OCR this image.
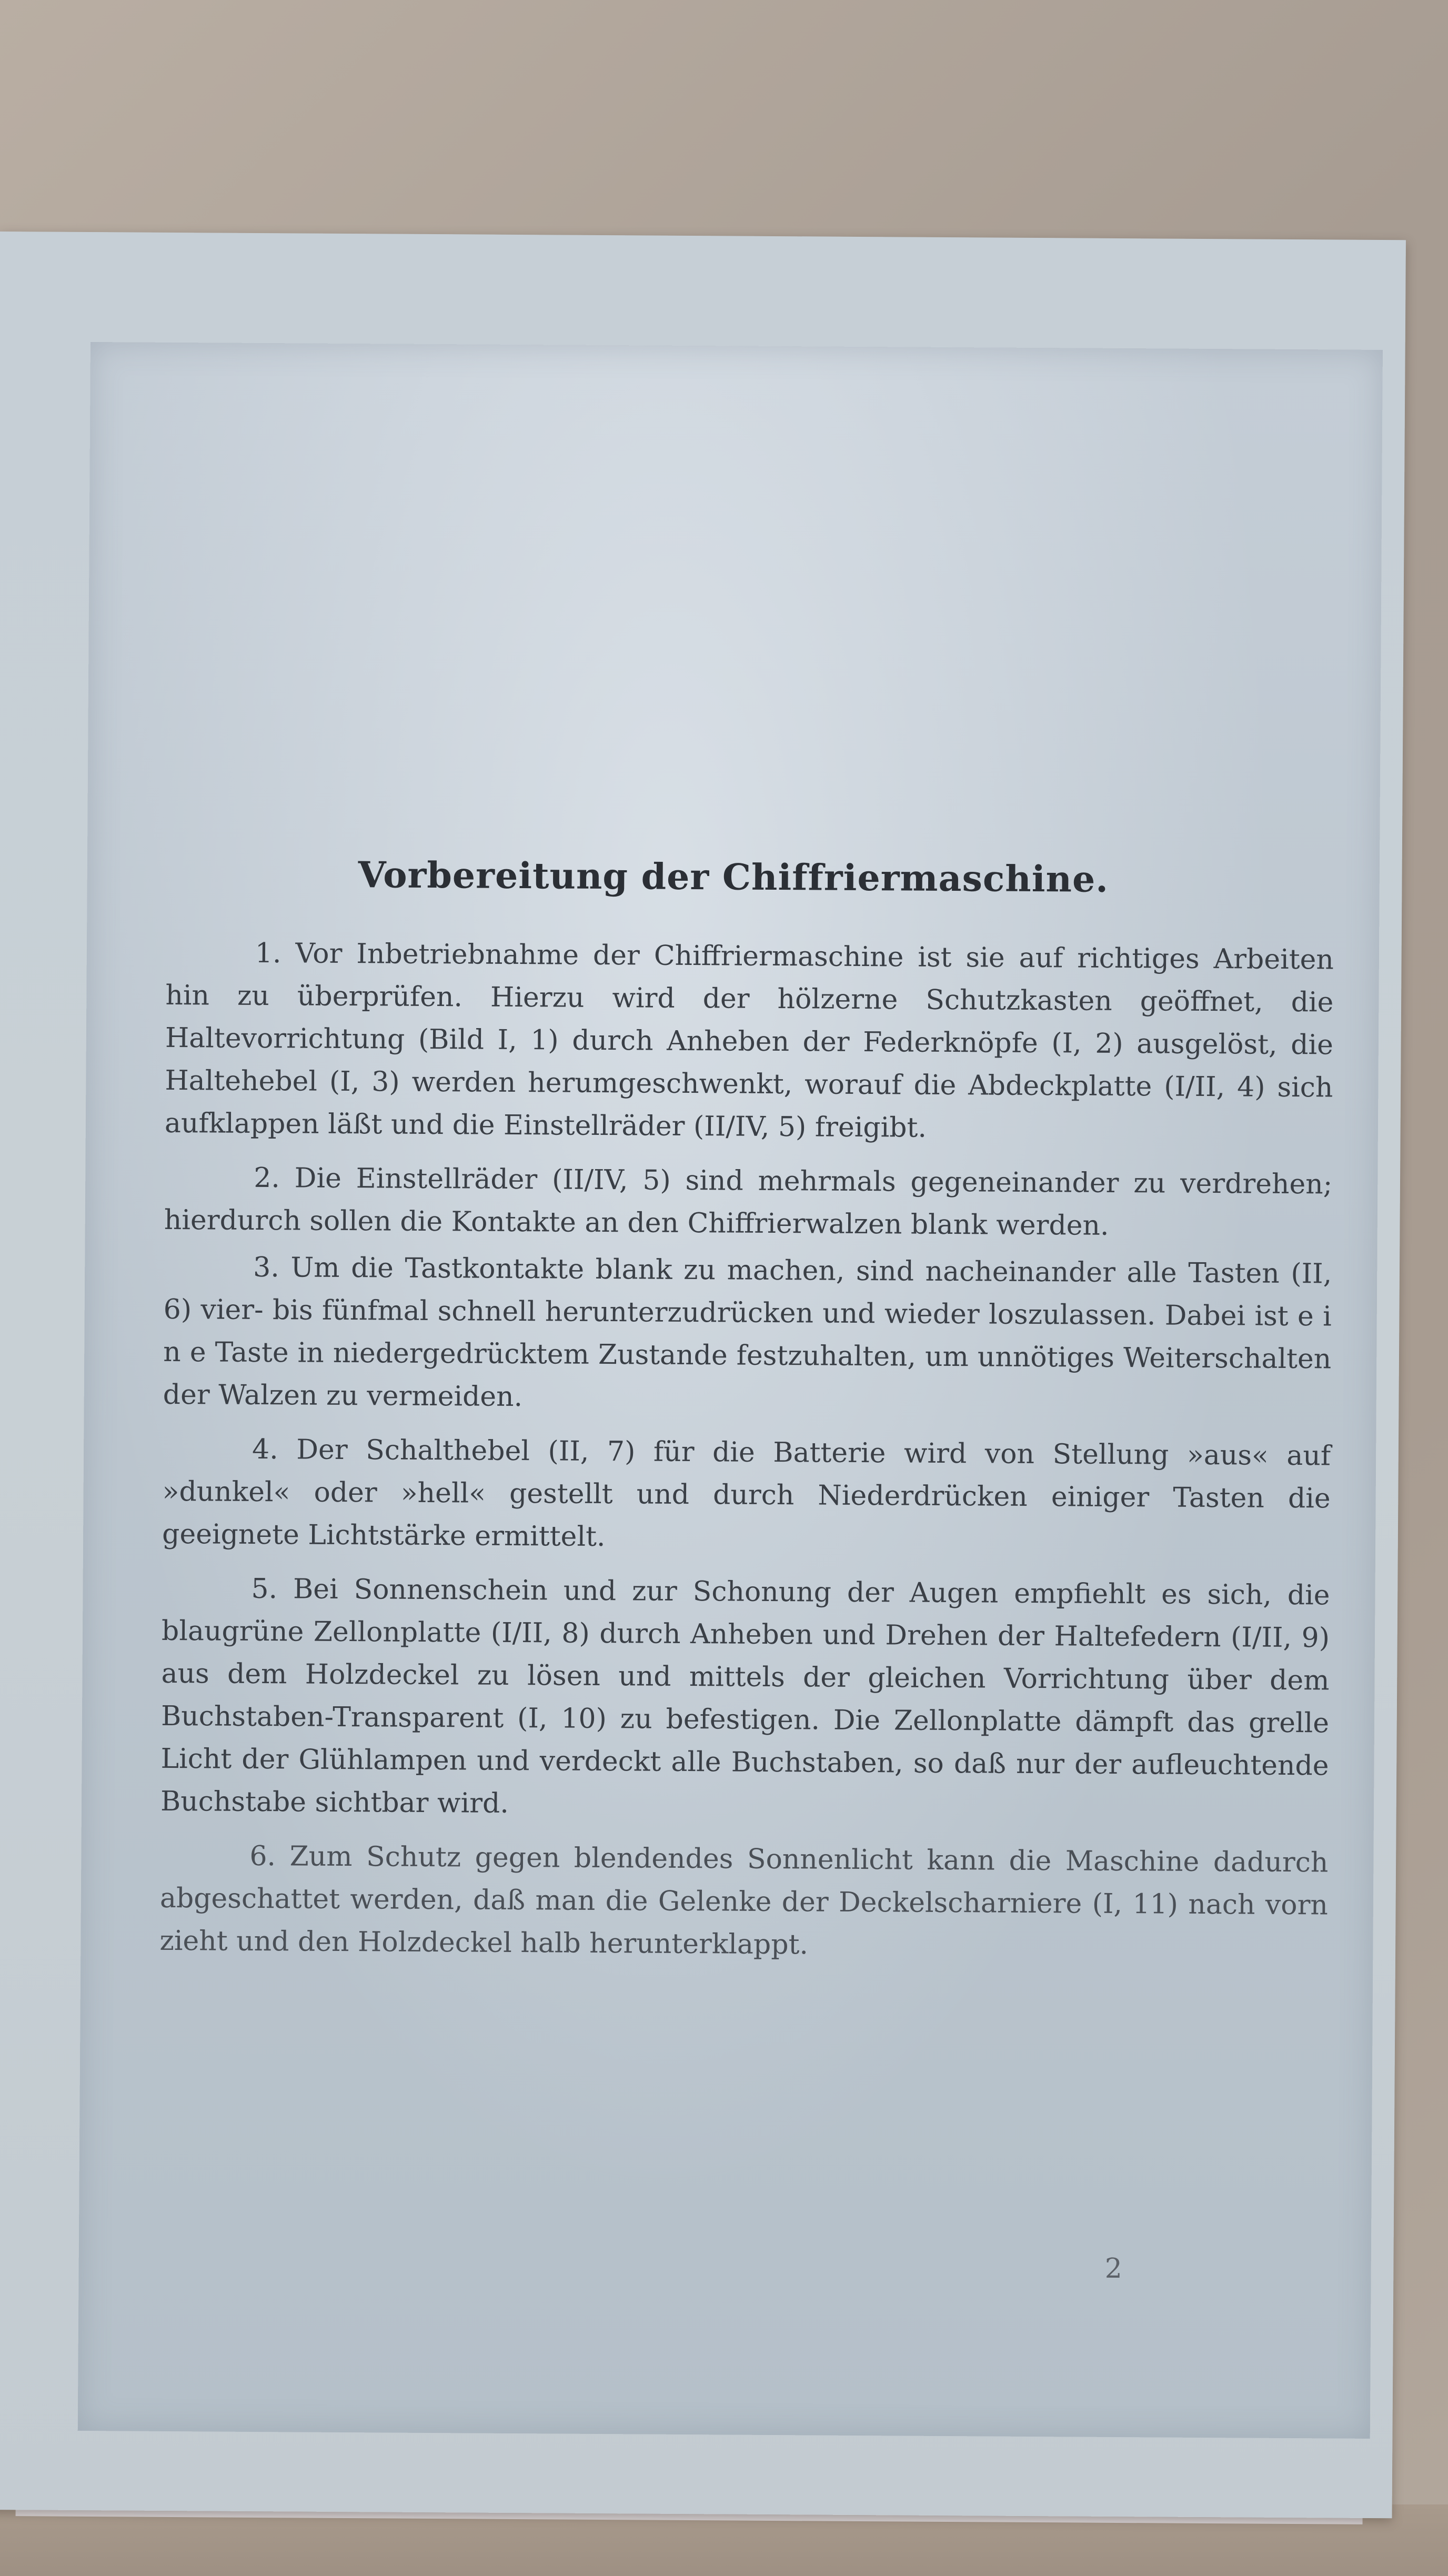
Vorbereitung der Chiffriermaschine.

1. Vor Inbetriebnahme der Chiffriermaschine ist sie auf richtiges Arbeiten hin zu überprüfen. Hierzu wird der hölzerne Schutzkasten geöffnet, die Haltevorrichtung (Bild I, 1) durch Anheben der Federknöpfe (I, 2) ausgelöst, die Haltehebel (I, 3) werden herumgeschwenkt, worauf die Abdeckplatte (I/II, 4) sich aufklappen läßt und die Einstellräder (II/IV, 5) freigibt.

2. Die Einstellräder (II/IV, 5) sind mehrmals gegeneinander zu verdrehen; hierdurch sollen die Kontakte an den Chiffrierwalzen blank werden.

3. Um die Tastkontakte blank zu machen, sind nacheinander alle Tasten (II, 6) vier- bis fünfmal schnell herunterzudrücken und wieder loszulassen. Dabei ist e i n e Taste in niedergedrücktem Zustande festzuhalten, um unnötiges Weiterschalten der Walzen zu vermeiden.

4. Der Schalthebel (II, 7) für die Batterie wird von Stellung »aus« auf »dunkel« oder »hell« gestellt und durch Niederdrücken einiger Tasten die geeignete Lichtstärke ermittelt.

5. Bei Sonnenschein und zur Schonung der Augen empfiehlt es sich, die blaugrüne Zellonplatte (I/II, 8) durch Anheben und Drehen der Haltefedern (I/II, 9) aus dem Holzdeckel zu lösen und mittels der gleichen Vorrichtung über dem Buchstaben-Transparent (I, 10) zu befestigen. Die Zellonplatte dämpft das grelle Licht der Glühlampen und verdeckt alle Buchstaben, so daß nur der aufleuchtende Buchstabe sichtbar wird.

6. Zum Schutz gegen blendendes Sonnenlicht kann die Maschine dadurch abgeschattet werden, daß man die Gelenke der Deckelscharniere (I, 11) nach vorn zieht und den Holzdeckel halb herunterklappt.

2
